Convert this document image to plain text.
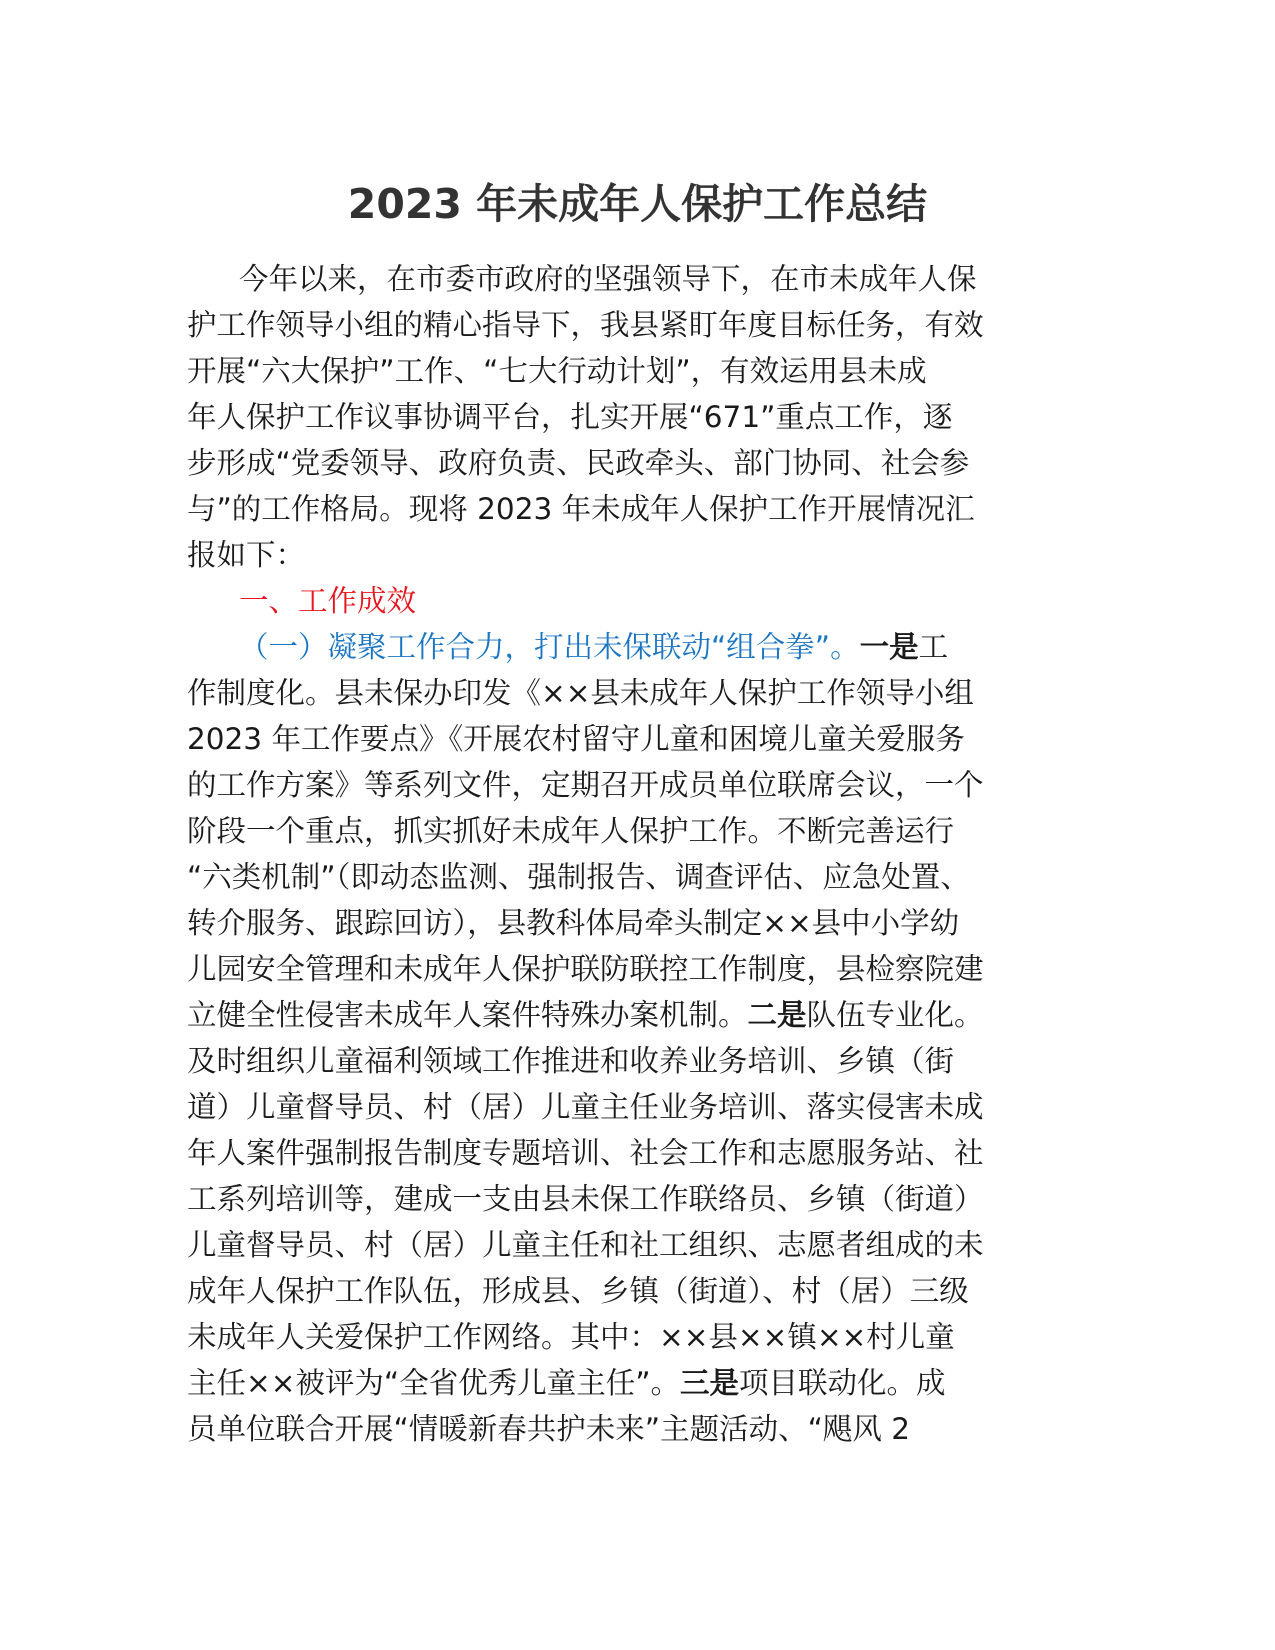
2023 年未成年人保护工作总结
今年以来，在市委市政府的坚强领导下，在市未成年人保
护工作领导小组的精心指导下，我县紧盯年度目标任务，有效
开展“六大保护”工作、“七大行动计划”，有效运用县未成
年人保护工作议事协调平台，扎实开展“671”重点工作，逐
步形成“党委领导、政府负责、民政牵头、部门协同、社会参
与”的工作格局。现将 2023 年未成年人保护工作开展情况汇
报如下：
一、工作成效
（一）凝聚工作合力，打出未保联动“组合拳”。一是工
作制度化。县未保办印发《××县未成年人保护工作领导小组
2023 年工作要点》《开展农村留守儿童和困境儿童关爱服务
的工作方案》等系列文件，定期召开成员单位联席会议，一个
阶段一个重点，抓实抓好未成年人保护工作。不断完善运行
“六类机制”（即动态监测、强制报告、调查评估、应急处置、
转介服务、跟踪回访），县教科体局牵头制定××县中小学幼
儿园安全管理和未成年人保护联防联控工作制度，县检察院建
立健全性侵害未成年人案件特殊办案机制。二是队伍专业化。
及时组织儿童福利领域工作推进和收养业务培训、乡镇（街
道）儿童督导员、村（居）儿童主任业务培训、落实侵害未成
年人案件强制报告制度专题培训、社会工作和志愿服务站、社
工系列培训等，建成一支由县未保工作联络员、乡镇（街道）
儿童督导员、村（居）儿童主任和社工组织、志愿者组成的未
成年人保护工作队伍，形成县、乡镇（街道）、村（居）三级
未成年人关爱保护工作网络。其中：××县××镇××村儿童
主任××被评为“全省优秀儿童主任”。三是项目联动化。成
员单位联合开展“情暖新春共护未来”主题活动、“飓风 2
